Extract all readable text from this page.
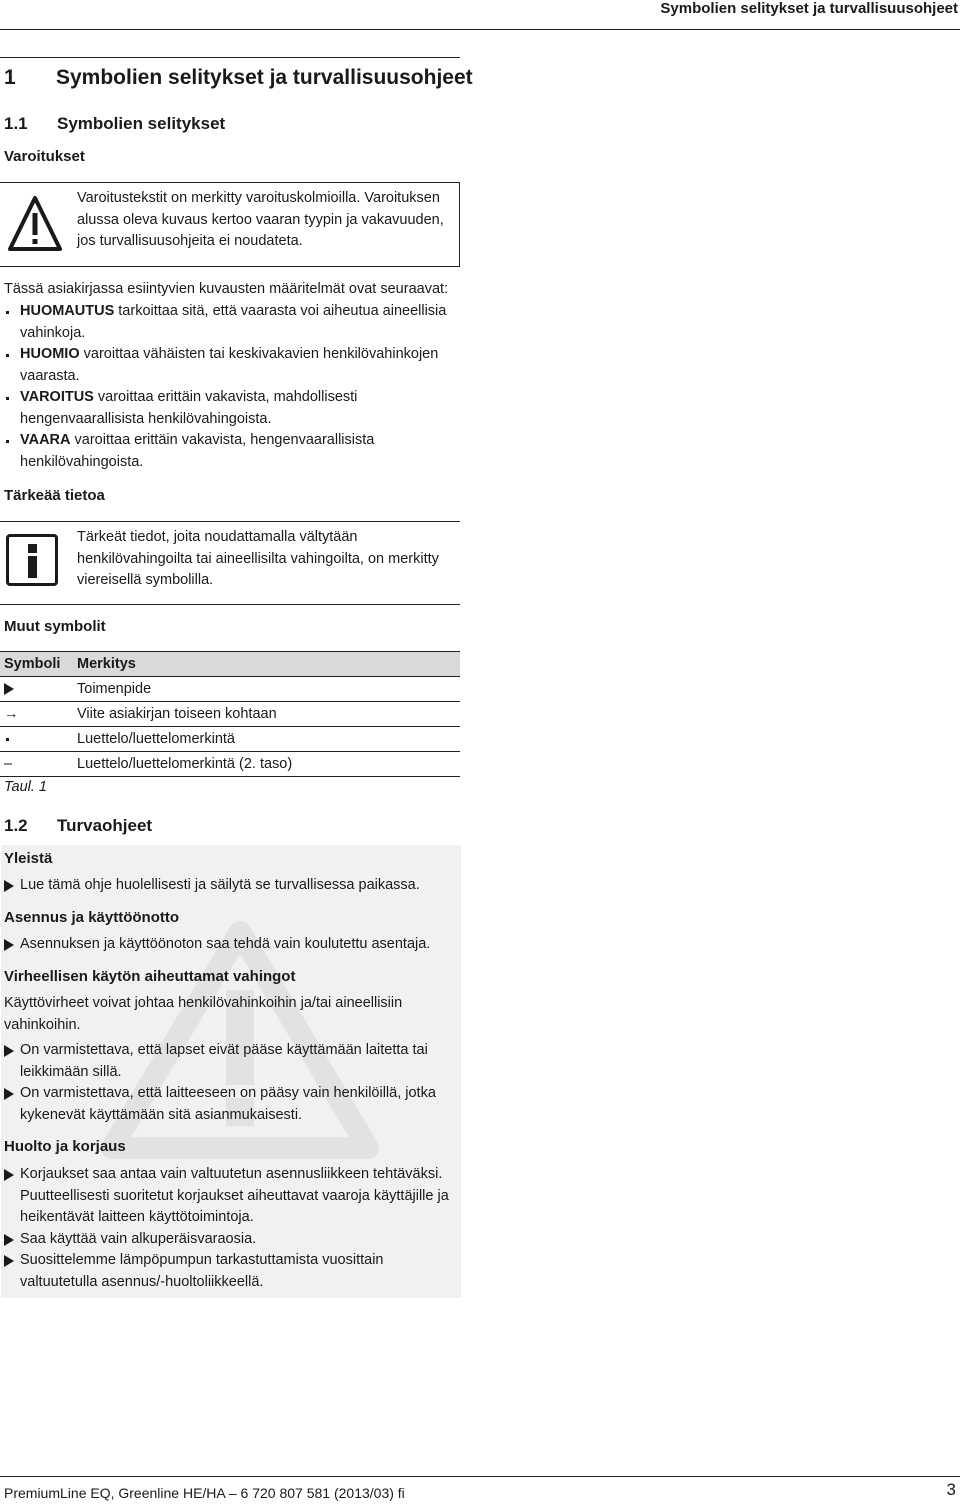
Symbolien selitykset ja turvallisuusohjeet
1 Symbolien selitykset ja turvallisuusohjeet
1.1 Symbolien selitykset
Varoitukset
Varoitustekstit on merkitty varoituskolmioilla. Varoituksen alussa oleva kuvaus kertoo vaaran tyypin ja vakavuuden, jos turvallisuusohjeita ei noudateta.
Tässä asiakirjassa esiintyvien kuvausten määritelmät ovat seuraavat:
HUOMAUTUS tarkoittaa sitä, että vaarasta voi aiheutua aineellisia vahinkoja.
HUOMIO varoittaa vähäisten tai keskivakavien henkilövahinkojen vaarasta.
VAROITUS varoittaa erittäin vakavista, mahdollisesti hengenvaarallisista henkilövahingoista.
VAARA varoittaa erittäin vakavista, hengenvaarallisista henkilövahingoista.
Tärkeää tietoa
Tärkeät tiedot, joita noudattamalla vältytään henkilövahingoilta tai aineellisilta vahingoilta, on merkitty viereisellä symbolilla.
Muut symbolit
Symboli	Merkitys
	Toimenpide
→	Viite asiakirjan toiseen kohtaan
	Luettelo/luettelomerkintä
–	Luettelo/luettelomerkintä (2. taso)
Taul. 1
1.2 Turvaohjeet
Yleistä
Lue tämä ohje huolellisesti ja säilytä se turvallisessa paikassa.
Asennus ja käyttöönotto
Asennuksen ja käyttöönoton saa tehdä vain koulutettu asentaja.
Virheellisen käytön aiheuttamat vahingot
Käyttövirheet voivat johtaa henkilövahinkoihin ja/tai aineellisiin vahinkoihin.
On varmistettava, että lapset eivät pääse käyttämään laitetta tai leikkimään sillä.
On varmistettava, että laitteeseen on pääsy vain henkilöillä, jotka kykenevät käyttämään sitä asianmukaisesti.
Huolto ja korjaus
Korjaukset saa antaa vain valtuutetun asennusliikkeen tehtäväksi. Puutteellisesti suoritetut korjaukset aiheuttavat vaaroja käyttäjille ja heikentävät laitteen käyttötoimintoja.
Saa käyttää vain alkuperäisvaraosia.
Suosittelemme lämpöpumpun tarkastuttamista vuosittain valtuutetulla asennus/-huoltoliikkeellä.
PremiumLine EQ, Greenline HE/HA – 6 720 807 581 (2013/03) fi	3
